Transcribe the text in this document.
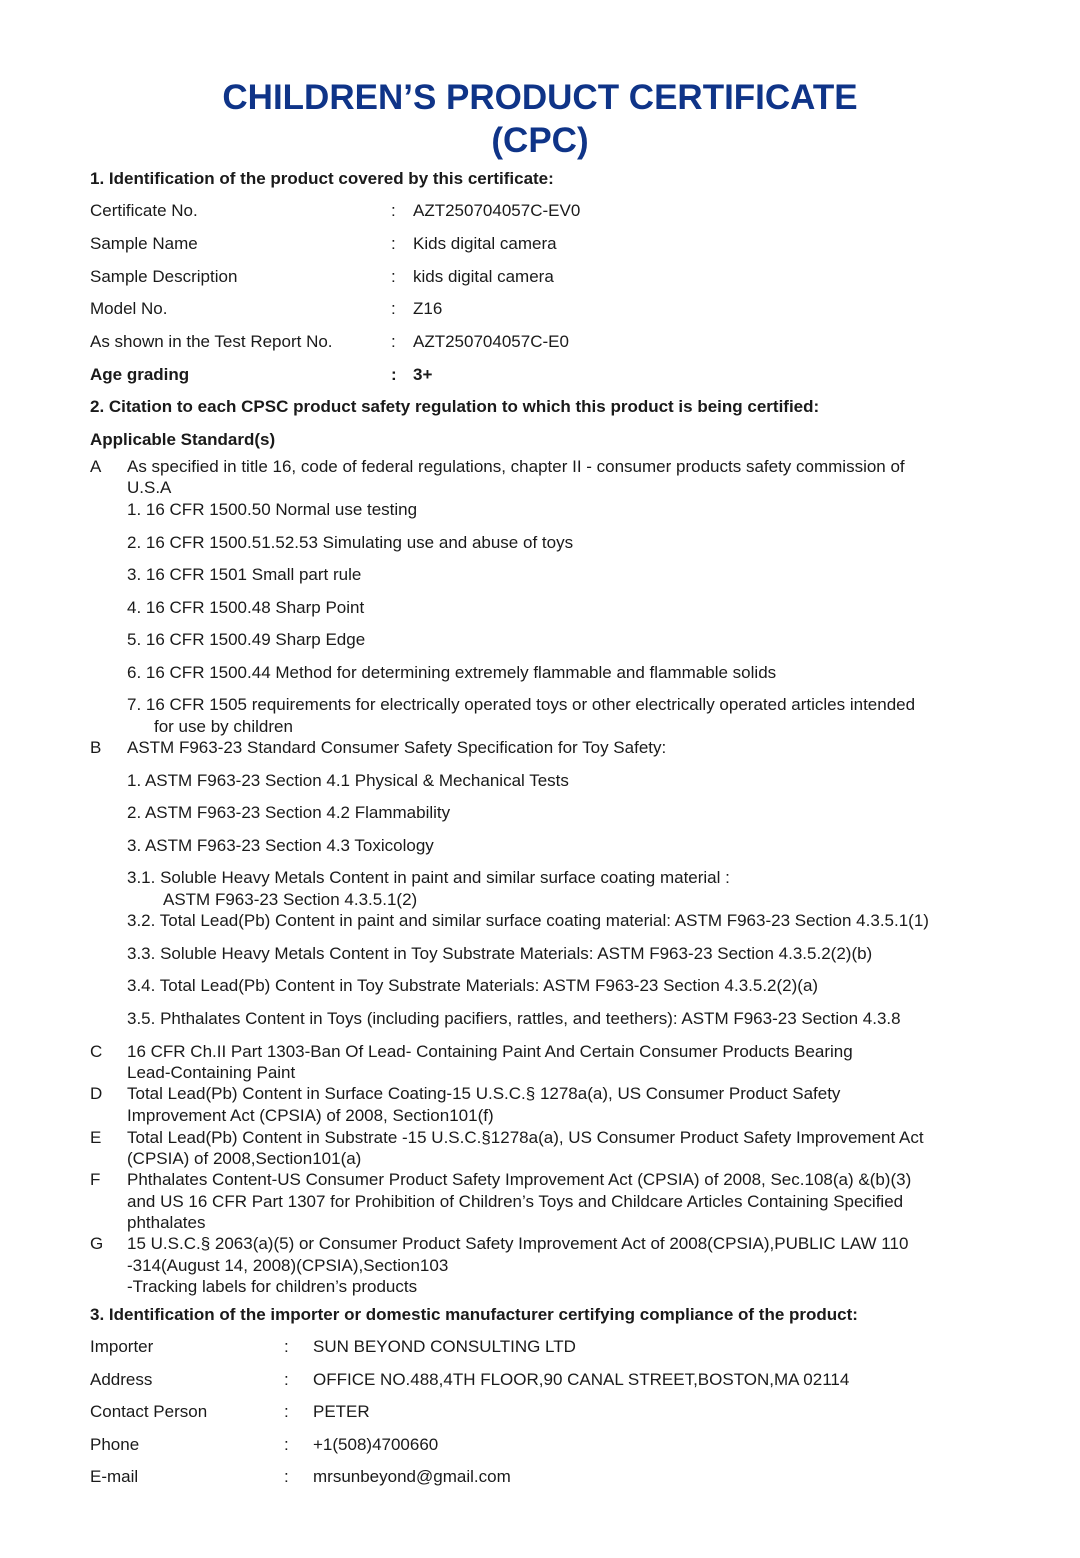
CHILDREN’S PRODUCT CERTIFICATE
(CPC)
1. Identification of the product covered by this certificate:
Certificate No.	: AZT250704057C-EV0
Sample Name	: Kids digital camera
Sample Description	: kids digital camera
Model No.	: Z16
As shown in the Test Report No.	: AZT250704057C-E0
Age grading	: 3+
2. Citation to each CPSC product safety regulation to which this product is being certified:
Applicable Standard(s)
A As specified in title 16, code of federal regulations, chapter II - consumer products safety commission of
U.S.A
1. 16 CFR 1500.50 Normal use testing
2. 16 CFR 1500.51.52.53 Simulating use and abuse of toys
3. 16 CFR 1501 Small part rule
4. 16 CFR 1500.48 Sharp Point
5. 16 CFR 1500.49 Sharp Edge
6. 16 CFR 1500.44 Method for determining extremely flammable and flammable solids
7. 16 CFR 1505 requirements for electrically operated toys or other electrically operated articles intended
for use by children
B ASTM F963-23 Standard Consumer Safety Specification for Toy Safety:
1. ASTM F963-23 Section 4.1 Physical & Mechanical Tests
2. ASTM F963-23 Section 4.2 Flammability
3. ASTM F963-23 Section 4.3 Toxicology
3.1. Soluble Heavy Metals Content in paint and similar surface coating material :
ASTM F963-23 Section 4.3.5.1(2)
3.2. Total Lead(Pb) Content in paint and similar surface coating material: ASTM F963-23 Section 4.3.5.1(1)
3.3. Soluble Heavy Metals Content in Toy Substrate Materials: ASTM F963-23 Section 4.3.5.2(2)(b)
3.4. Total Lead(Pb) Content in Toy Substrate Materials: ASTM F963-23 Section 4.3.5.2(2)(a)
3.5. Phthalates Content in Toys (including pacifiers, rattles, and teethers): ASTM F963-23 Section 4.3.8
C 16 CFR Ch.II Part 1303-Ban Of Lead- Containing Paint And Certain Consumer Products Bearing
Lead-Containing Paint
D Total Lead(Pb) Content in Surface Coating-15 U.S.C.§ 1278a(a), US Consumer Product Safety
Improvement Act (CPSIA) of 2008, Section101(f)
E Total Lead(Pb) Content in Substrate -15 U.S.C.§1278a(a), US Consumer Product Safety Improvement Act
(CPSIA) of 2008,Section101(a)
F Phthalates Content-US Consumer Product Safety Improvement Act (CPSIA) of 2008, Sec.108(a) &(b)(3)
and US 16 CFR Part 1307 for Prohibition of Children’s Toys and Childcare Articles Containing Specified
phthalates
G 15 U.S.C.§ 2063(a)(5) or Consumer Product Safety Improvement Act of 2008(CPSIA),PUBLIC LAW 110
-314(August 14, 2008)(CPSIA),Section103
-Tracking labels for children’s products
3. Identification of the importer or domestic manufacturer certifying compliance of the product:
Importer	: SUN BEYOND CONSULTING LTD
Address	: OFFICE NO.488,4TH FLOOR,90 CANAL STREET,BOSTON,MA 02114
Contact Person	: PETER
Phone	: +1(508)4700660
E-mail	: mrsunbeyond@gmail.com
